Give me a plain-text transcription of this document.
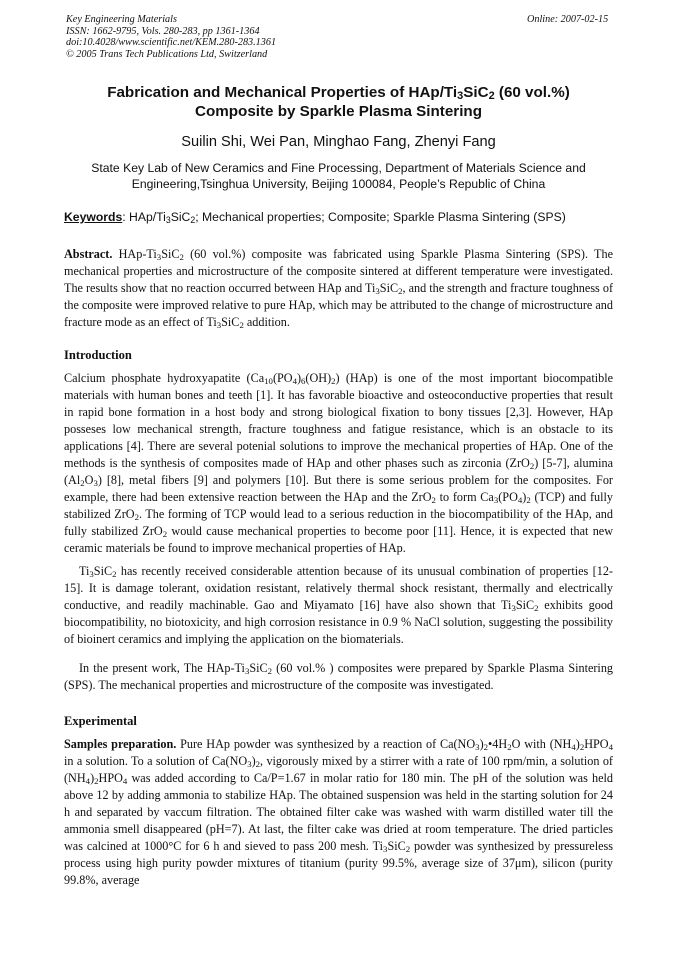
Key Engineering Materials
ISSN: 1662-9795, Vols. 280-283, pp 1361-1364
doi:10.4028/www.scientific.net/KEM.280-283.1361
© 2005 Trans Tech Publications Ltd, Switzerland
Online: 2007-02-15
Fabrication and Mechanical Properties of HAp/$Ti_3SiC_2$ (60 vol.%)
Composite by Sparkle Plasma Sintering
Suilin Shi, Wei Pan, Minghao Fang, Zhenyi Fang
State Key Lab of New Ceramics and Fine Processing, Department of Materials Science and
Engineering,Tsinghua University, Beijing 100084, People’s Republic of China
Keywords: HAp/$Ti_3SiC_2$; Mechanical properties; Composite; Sparkle Plasma Sintering (SPS)

Abstract. HAp-$Ti_3SiC_2$ (60 vol.%) composite was fabricated using Sparkle Plasma Sintering (SPS). The mechanical properties and microstructure of the composite sintered at different temperature were investigated. The results show that no reaction occurred between HAp and $Ti_3SiC_2$, and the strength and fracture toughness of the composite were improved relative to pure HAp, which may be attributed to the change of microstructure and fracture mode as an effect of $Ti_3SiC_2$ addition.

Introduction

Calcium phosphate hydroxyapatite $(Ca_{10}(PO_4)_6(OH)_2)$ (HAp) is one of the most important biocompatible materials with human bones and teeth [1]. It has favorable bioactive and osteoconductive properties that result in rapid bone formation in a host body and strong biological fixation to bony tissues [2,3]. However, HAp posseses low mechanical strength, fracture toughness and fatigue resistance, which is an obstacle to its applications [4]. There are several potenial solutions to improve the mechanical properties of HAp. One of the methods is the synthesis of composites made of HAp and other phases such as zirconia (ZrO$_2$) [5-7], alumina $(Al_2O_3)$ [8], metal fibers [9] and polymers [10]. But there is some serious problem for the composites. For example, there had been extensive reaction between the HAp and the ZrO$_2$ to form $Ca_3(PO_4)_2$ (TCP) and fully stabilized ZrO$_2$. The forming of TCP would lead to a serious reduction in the biocompatibility of the HAp, and fully stabilized ZrO$_2$ would cause mechanical properties to become poor [11]. Hence, it is expected that new ceramic materials be found to improve mechanical properties of HAp.

$Ti_3SiC_2$ has recently received considerable attention because of its unusual combination of properties [12-15]. It is damage tolerant, oxidation resistant, relatively thermal shock resistant, thermally and electrically conductive, and readily machinable. Gao and Miyamato [16] have also shown that $Ti_3SiC_2$ exhibits good biocompatibility, no biotoxicity, and high corrosion resistance in 0.9 % NaCl solution, suggesting the possibility of bioinert ceramics and implying the application on the biomaterials.

In the present work, The HAp-$Ti_3SiC_2$ (60 vol.% ) composites were prepared by Sparkle Plasma Sintering (SPS). The mechanical properties and microstructure of the composite was investigated.

Experimental

Samples preparation. Pure HAp powder was synthesized by a reaction of $Ca(NO_3)_2•4H_2O$ with $(NH_4)_2HPO_4$ in a solution. To a solution of $Ca(NO_3)_2$, vigorously mixed by a stirrer with a rate of 100 rpm/min, a solution of $(NH_4)_2HPO_4$ was added according to Ca/P=1.67 in molar ratio for 180 min. The pH of the solution was held above 12 by adding ammonia to stabilize HAp. The obtained suspension was held in the starting solution for 24 h and separated by vaccum filtration. The obtained filter cake was washed with warm distilled water till the ammonia smell disappeared (pH=7). At last, the filter cake was dried at room temperature. The dried particles was calcined at 1000°C for 6 h and sieved to pass 200 mesh. $Ti_3SiC_2$ powder was synthesized by pressureless process using high purity powder mixtures of titanium (purity 99.5%, average size of 37μm), silicon (purity 99.8%, average
